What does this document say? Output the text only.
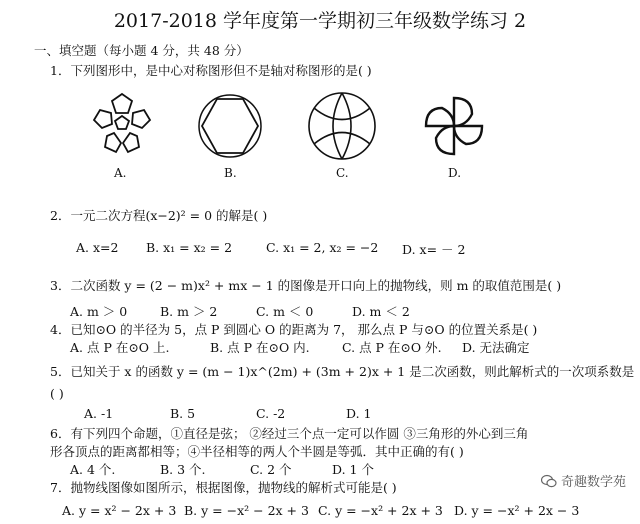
2017-2018 学年度第一学期初三年级数学练习 2
一、填空题（每小题 4 分，共 48 分）
1．下列图形中，是中心对称图形但不是轴对称图形的是( )
A.	B.	C.	D.
2．一元二次方程(x−2)² = 0 的解是( )
A. x=2 B. x₁ = x₂ = 2	C. x₁ = 2, x₂ = −2 D. x= － 2
3．二次函数 y = (2 − m)x² + mx − 1 的图像是开口向上的抛物线，则 m 的取值范围是( )
A. m ＞ 0	B. m ＞ 2	C. m ＜ 0	D. m ＜ 2
4．已知⊙O 的半径为 5，点 P 到圆心 O 的距离为 7， 那么点 P 与⊙O 的位置关系是( )
A. 点 P 在⊙O 上.	B. 点 P 在⊙O 内.	C. 点 P 在⊙O 外. D. 无法确定
5．已知关于 x 的函数 y = (m − 1)x^(2m) + (3m + 2)x + 1 是二次函数，则此解析式的一次项系数是
( )
A. -1	B. 5	C. -2	D. 1
6．有下列四个命题，①直径是弦； ②经过三个点一定可以作圆 ③三角形的外心到三角
形各顶点的距离都相等；④半径相等的两人个半圆是等弧．其中正确的有( )
A. 4 个.	B. 3 个.	C. 2 个	D. 1 个
7．抛物线图像如图所示，根据图像，抛物线的解析式可能是( )
A. y = x² − 2x + 3 B. y = −x² − 2x + 3 C. y = −x² + 2x + 3 D. y = −x² + 2x − 3
奇趣数学苑
